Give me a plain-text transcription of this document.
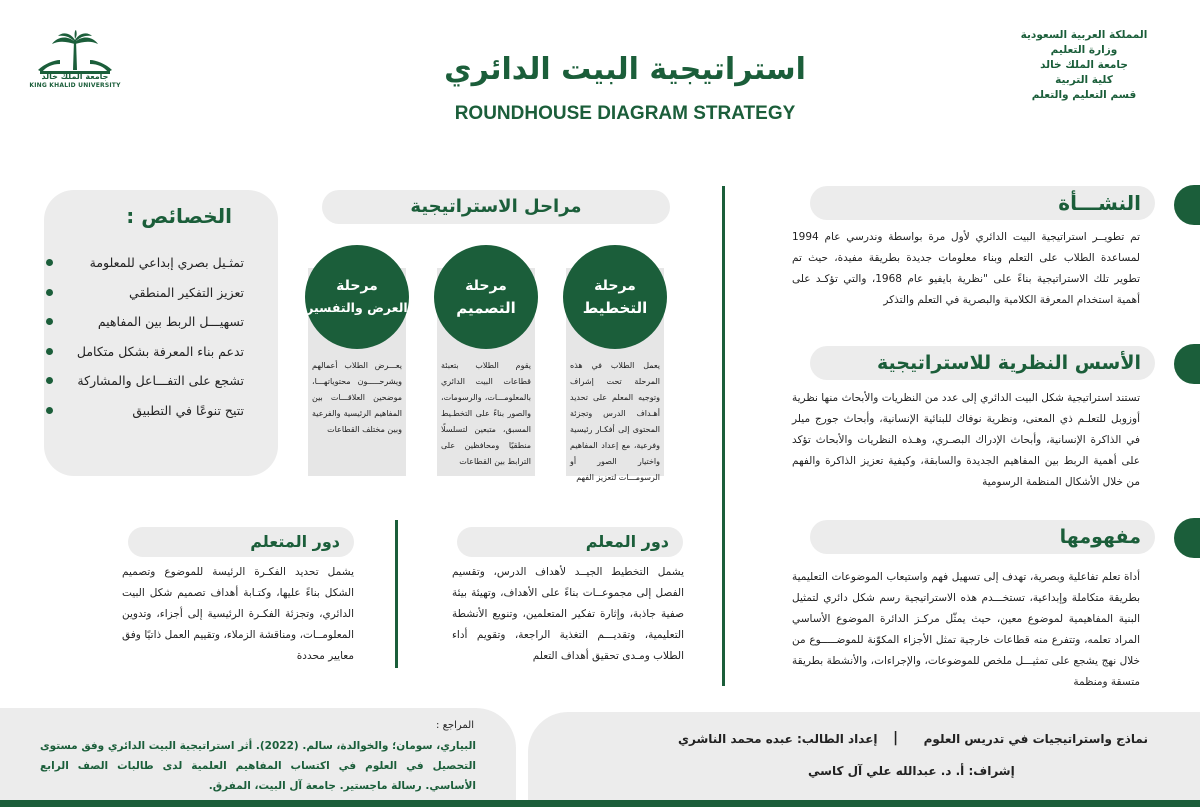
المملكة العربية السعودية
وزارة التعليم
جامعة الملك خالد
كلية التربية
قسم التعليم والتعلم
جامعة الملك خالد
KING KHALID UNIVERSITY	استراتيجية البيت الدائري
ROUNDHOUSE DIAGRAM STRATEGY
النشـــأة
تم تطويــر استراتيجية البيت الدائري لأول مرة بواسطة وندرسي عام 1994 لمساعدة الطلاب على التعلم وبناء معلومات جديدة بطريقة مفيدة، حيث تم تطوير تلك الاستراتيجية بناءً على "نظرية بايفيو عام 1968، والتي تؤكـد على أهمية استخدام المعرفة الكلامية والبصرية في التعلم والتذكر
الأسس النظرية للاستراتيجية
تستند استراتيجية شكل البيت الدائري إلى عدد من النظريات والأبحاث منها نظرية أوزوبل للتعلـم ذي المعنى، ونظرية نوفاك للبنائية الإنسانية، وأبحاث جورج ميلر في الذاكرة الإنسانية، وأبحاث الإدراك البصـري، وهـذه النظريات والأبحاث تؤكد على أهمية الربط بين المفاهيم الجديدة والسابقة، وكيفية تعزيز الذاكرة والفهم من خلال الأشكال المنظمة الرسومية
مفهومها
أداة تعلم تفاعلية وبصرية، تهدف إلى تسهيل فهم واستيعاب الموضوعات التعليمية بطريقة متكاملة وإبداعية، تستخـــدم هذه الاستراتيجية رسم شكل دائري لتمثيل البنية المفاهيمية لموضوع معين، حيث يمثّل مركـز الدائرة الموضوع الأساسي المراد تعلمه، وتتفرع منه قطاعات خارجية تمثل الأجزاء المكوّنة للموضـــــوع من خلال نهج يشجع على تمثيـــل ملخص للموضوعات، والإجراءات، والأنشطة بطريقة متسقة ومنظمة
الخصائص :
تمثـيل بصري إبداعي للمعلومة
تعزيز التفكير المنطقي
تسهيـــل الربط بين المفاهيم
تدعم بناء المعرفة بشكل متكامل
تشجع على التفـــاعل والمشاركة
تتيح تنوعًا في التطبيق
مراحل الاستراتيجية
مرحلة
التخطيط
يعمل الطلاب في هذه المرحلة تحت إشراف وتوجيه المعلم على تحديد أهـداف الدرس وتجزئة المحتوى إلى أفكـار رئيسية وفرعية، مع إعداد المفاهيم واختيار الصور أو الرسومـــات لتعزيز الفهم
مرحلة
التصميم
يقوم الطلاب بتعبئة قطاعات البيت الدائري بالمعلومـــات، والرسومات، والصور بناءً على التخطـيط المسبق، متبعين لتسلسلًا منطقيًا ومحافظين على الترابط بين القطاعات
مرحلة
العرض والتفسير
يعـــرض الطلاب أعمالهم ويشرحـــــون محتوياتهـــا، موضحين العلاقـــات بين المفاهيم الرئيسية والفرعية وبين مختلف القطاعات
دور المعلم
يشمل التخطيط الجيــد لأهداف الدرس، وتقسيم الفصل إلى مجموعــات بناءً على الأهداف، وتهيئة بيئة صفية جاذبة، وإثارة تفكير المتعلمين، وتنويع الأنشطة التعليمية، وتقديـــم التغذية الراجعة، وتقويم أداء الطلاب ومـدى تحقيق أهداف التعلم
دور المتعلم
يشمل تحديد الفكـرة الرئيسة للموضوع وتصميم الشكل بناءً عليها، وكتـابة أهداف تصميم شكل البيت الدائري، وتجزئة الفكـرة الرئيسية إلى أجزاء، وتدوين المعلومــات، ومناقشة الزملاء، وتقييم العمل ذاتيًا وفق معايير محددة
المراجع :
البياري، سومان؛ والخوالدة، سالم. (2022). أثر استراتيجية البيت الدائري وفق مستوى التحصيل في العلوم في اكتساب المفاهيم العلمية لدى طالبات الصف الرابع الأساسي. رسالة ماجستير. جامعة آل البيت، المفرق.
نماذج واستراتيجيات في تدريس العلوم
|
إعداد الطالب: عبده محمد الناشري
إشراف: أ. د. عبدالله علي آل كاسي
